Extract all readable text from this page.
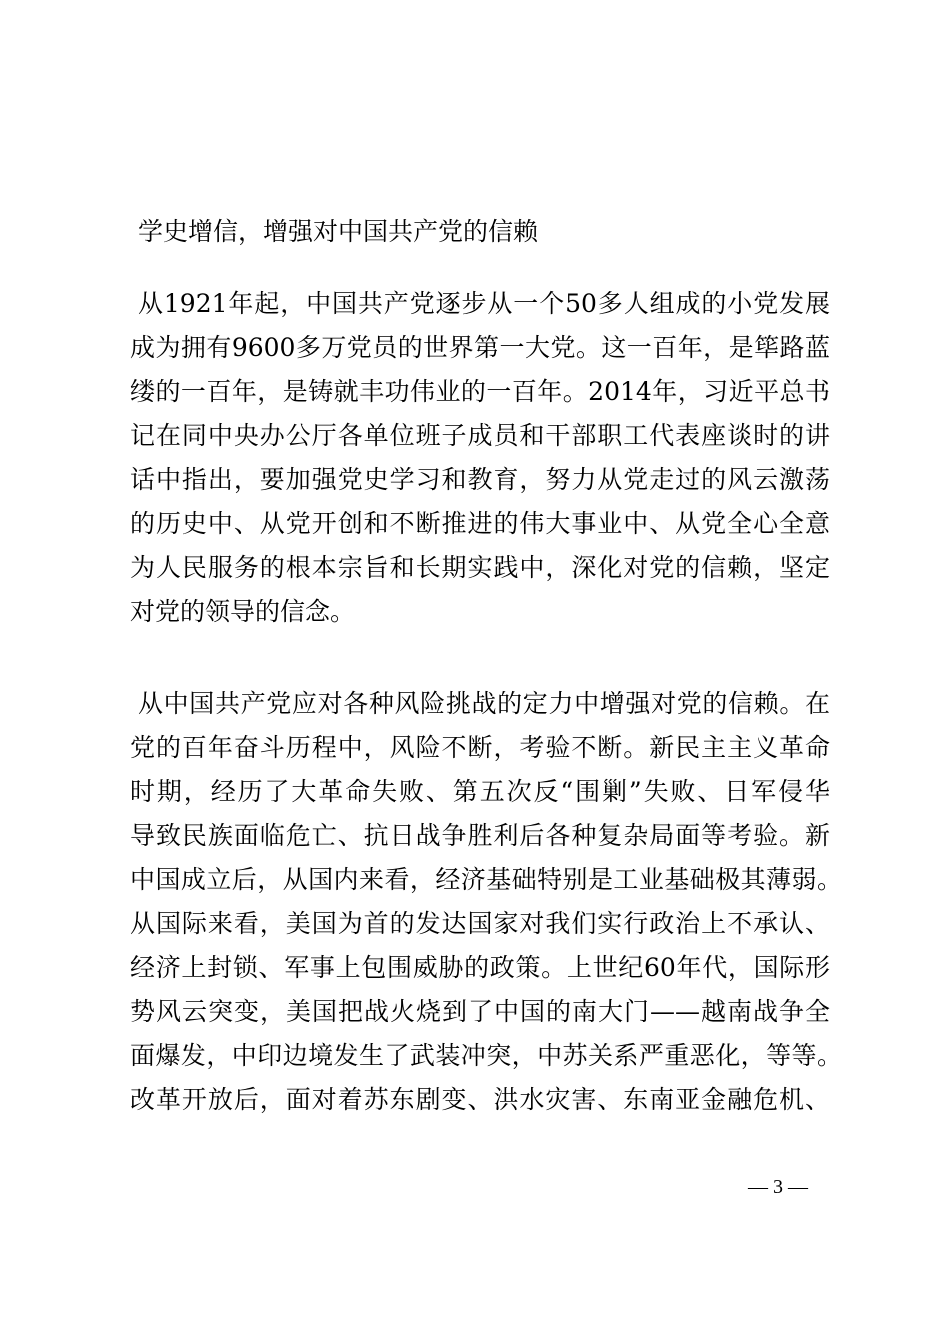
学史增信，增强对中国共产党的信赖
从1921年起，中国共产党逐步从一个50多人组成的小党发展
成为拥有9600多万党员的世界第一大党。这一百年，是筚路蓝
缕的一百年，是铸就丰功伟业的一百年。2014年，习近平总书
记在同中央办公厅各单位班子成员和干部职工代表座谈时的讲
话中指出，要加强党史学习和教育，努力从党走过的风云激荡
的历史中、从党开创和不断推进的伟大事业中、从党全心全意
为人民服务的根本宗旨和长期实践中，深化对党的信赖，坚定
对党的领导的信念。
从中国共产党应对各种风险挑战的定力中增强对党的信赖。在
党的百年奋斗历程中，风险不断，考验不断。新民主主义革命
时期，经历了大革命失败、第五次反“围剿”失败、日军侵华
导致民族面临危亡、抗日战争胜利后各种复杂局面等考验。新
中国成立后，从国内来看，经济基础特别是工业基础极其薄弱。
从国际来看，美国为首的发达国家对我们实行政治上不承认、
经济上封锁、军事上包围威胁的政策。上世纪60年代，国际形
势风云突变，美国把战火烧到了中国的南大门——越南战争全
面爆发，中印边境发生了武装冲突，中苏关系严重恶化，等等。
改革开放后，面对着苏东剧变、洪水灾害、东南亚金融危机、
— 3 —
